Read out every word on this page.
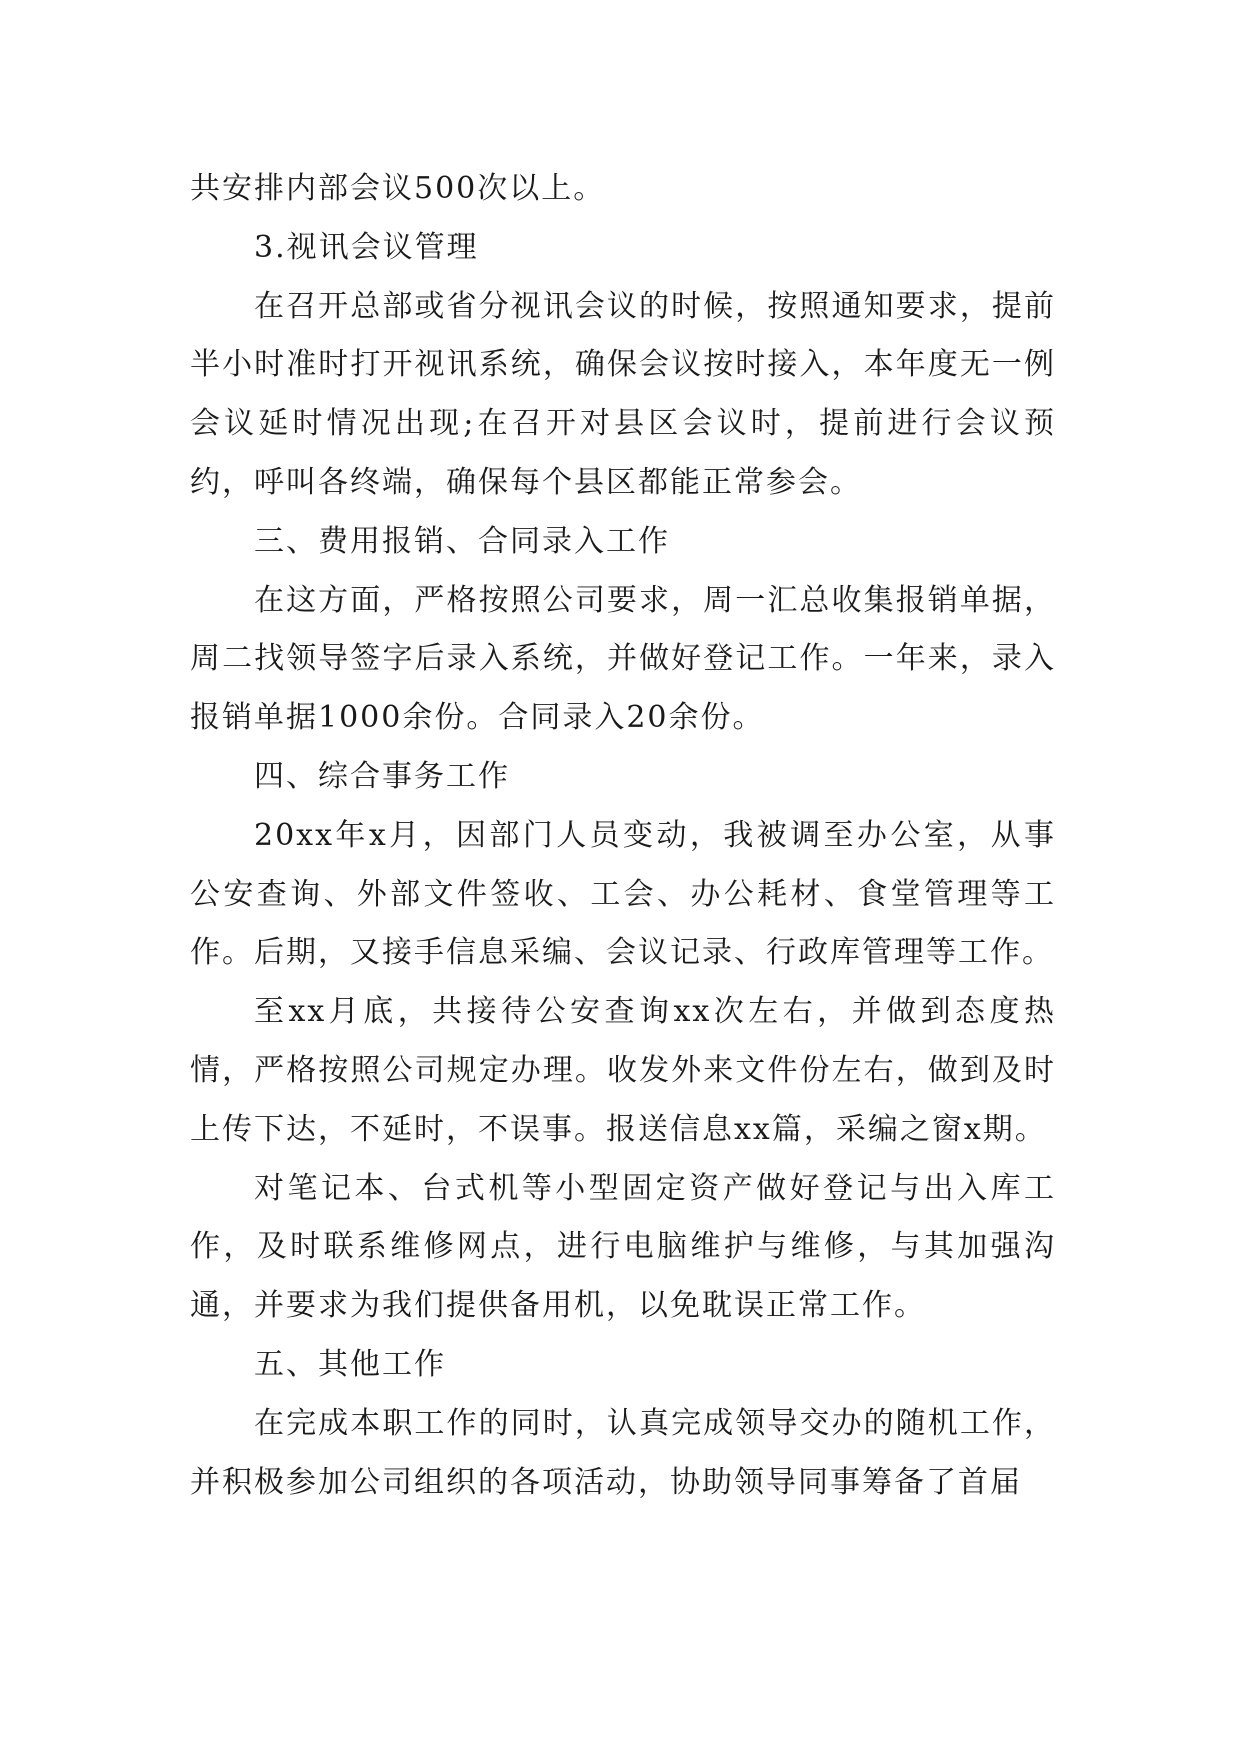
共安排内部会议500次以上。

3.视讯会议管理

在召开总部或省分视讯会议的时候，按照通知要求，提前半小时准时打开视讯系统，确保会议按时接入，本年度无一例会议延时情况出现;在召开对县区会议时，提前进行会议预约，呼叫各终端，确保每个县区都能正常参会。

三、费用报销、合同录入工作

在这方面，严格按照公司要求，周一汇总收集报销单据，周二找领导签字后录入系统，并做好登记工作。一年来，录入报销单据1000余份。合同录入20余份。

四、综合事务工作

20xx年x月，因部门人员变动，我被调至办公室，从事公安查询、外部文件签收、工会、办公耗材、食堂管理等工作。后期，又接手信息采编、会议记录、行政库管理等工作。

至xx月底，共接待公安查询xx次左右，并做到态度热情，严格按照公司规定办理。收发外来文件份左右，做到及时上传下达，不延时，不误事。报送信息xx篇，采编之窗x期。

对笔记本、台式机等小型固定资产做好登记与出入库工作，及时联系维修网点，进行电脑维护与维修，与其加强沟通，并要求为我们提供备用机，以免耽误正常工作。

五、其他工作

在完成本职工作的同时，认真完成领导交办的随机工作，并积极参加公司组织的各项活动，协助领导同事筹备了首届
